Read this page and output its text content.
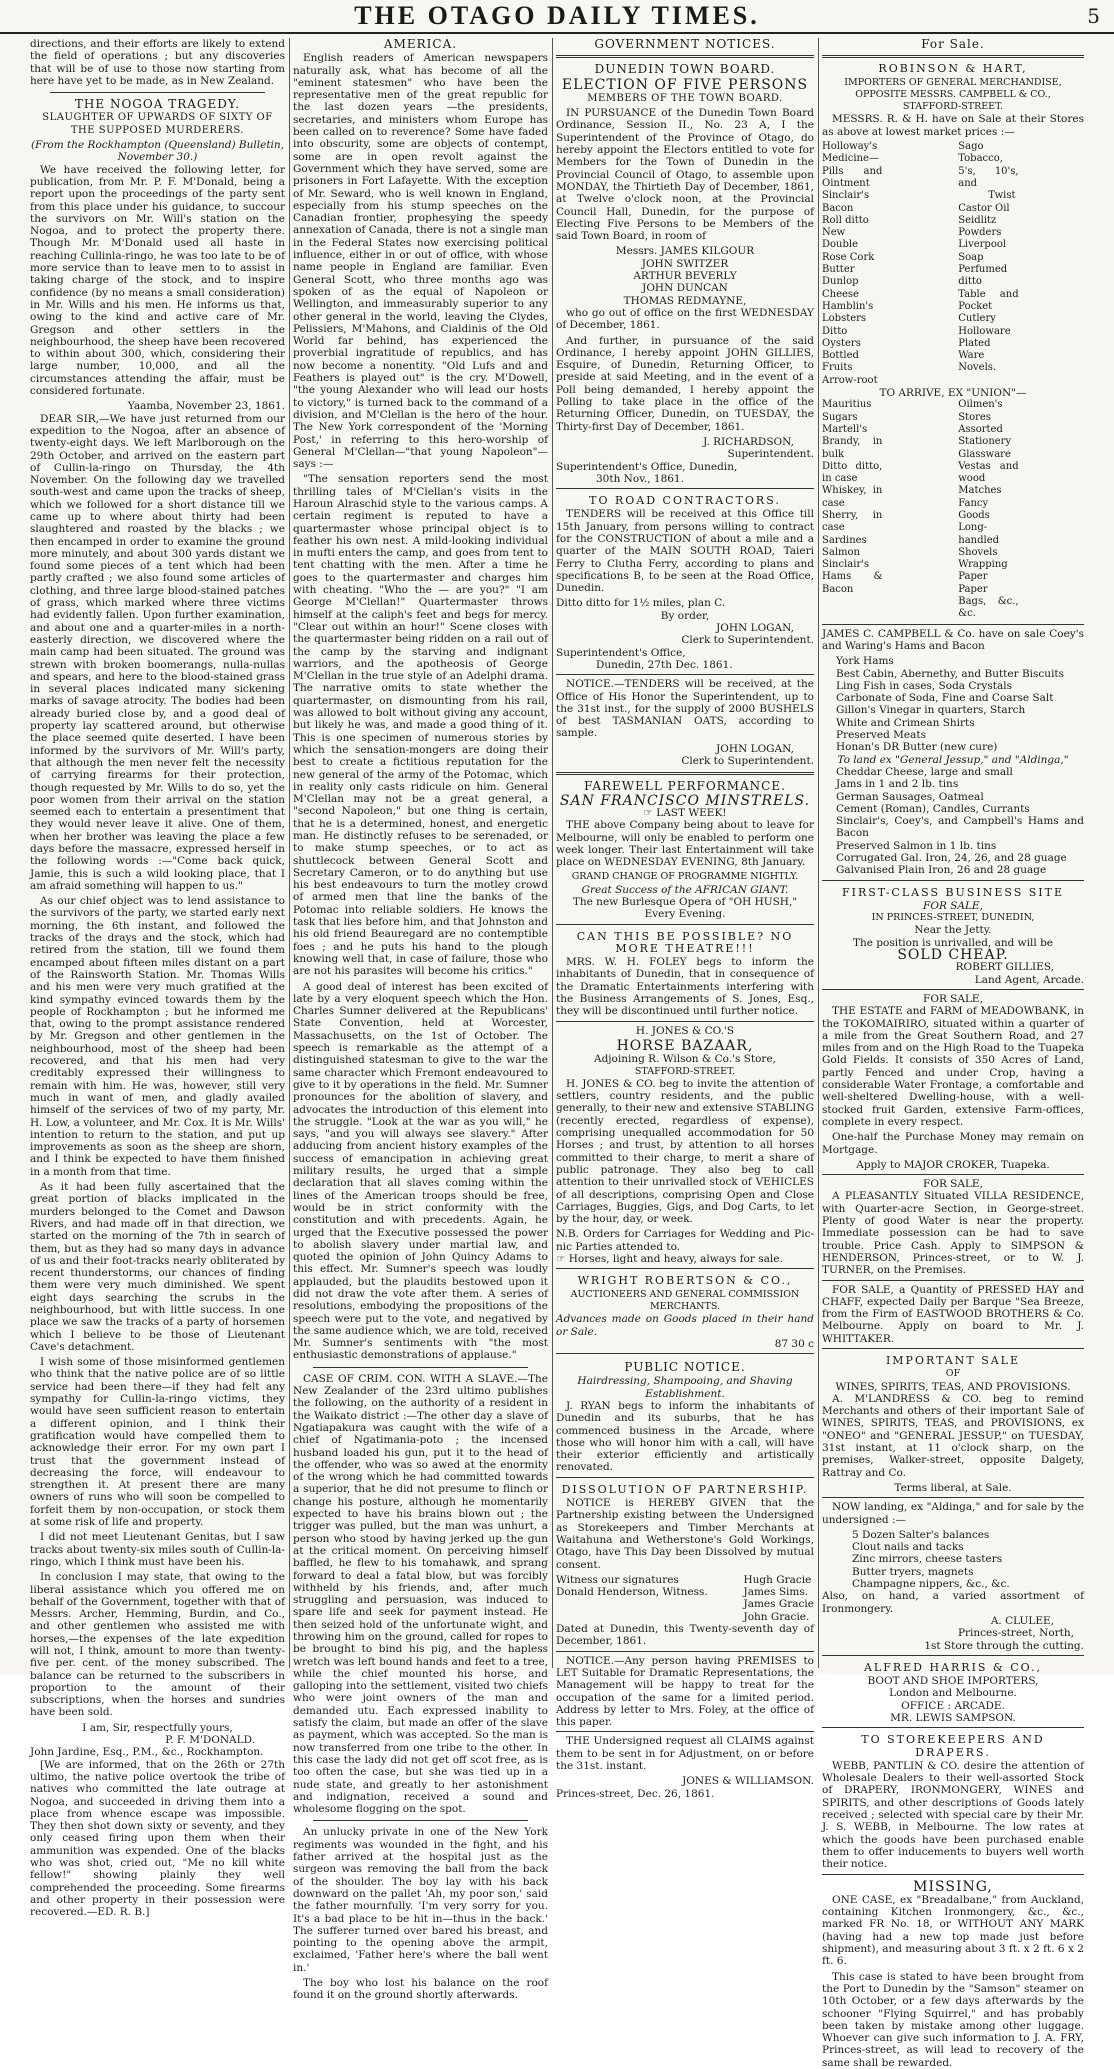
THE OTAGO DAILY TIMES.	5

directions, and their efforts are likely to extend the field of operations ; but any discoveries that will be of use to those now starting from here have yet to be made, as in New Zealand.

THE NOGOA TRAGEDY.
SLAUGHTER OF UPWARDS OF SIXTY OF THE SUPPOSED MURDERERS.
(From the Rockhampton (Queensland) Bulletin, November 30.)

We have received the following letter, for publication, from Mr. P. F. M'Donald, being a report upon the proceedings of the party sent from this place under his guidance, to succour the survivors on Mr. Will's station on the Nogoa, and to protect the property there. Though Mr. M'Donald used all haste in reaching Cullinla-ringo, he was too late to be of more service than to leave men to to assist in taking charge of the stock, and to inspire confidence (by no means a small consideration) in Mr. Wills and his men. He informs us that, owing to the kind and active care of Mr. Gregson and other settlers in the neighbourhood, the sheep have been recovered to within about 300, which, considering their large number, 10,000, and all the circumstances attending the affair, must be considered fortunate.

Yaamba, November 23, 1861.

DEAR SIR,—We have just returned from our expedition to the Nogoa, after an absence of twenty-eight days. We left Marlborough on the 29th October, and arrived on the eastern part of Cullin-la-ringo on Thursday, the 4th November. On the following day we travelled south-west and came upon the tracks of sheep, which we followed for a short distance till we came up to where about thirty had been slaughtered and roasted by the blacks ; we then encamped in order to examine the ground more minutely, and about 300 yards distant we found some pieces of a tent which had been partly crafted ; we also found some articles of clothing, and three large blood-stained patches of grass, which marked where three victims had evidently fallen. Upon further examination, and about one and a quarter-miles in a north-easterly direction, we discovered where the main camp had been situated. The ground was strewn with broken boomerangs, nulla-nullas and spears, and here to the blood-stained grass in several places indicated many sickening marks of savage atrocity. The bodies had been already buried close by, and a good deal of property lay scattered around, but otherwise the place seemed quite deserted. I have been informed by the survivors of Mr. Will's party, that although the men never felt the necessity of carrying firearms for their protection, though requested by Mr. Wills to do so, yet the poor women from their arrival on the station seemed each to entertain a presentiment that they would never leave it alive. One of them, when her brother was leaving the place a few days before the massacre, expressed herself in the following words :—"Come back quick, Jamie, this is such a wild looking place, that I am afraid something will happen to us."

As our chief object was to lend assistance to the survivors of the party, we started early next morning, the 6th instant, and followed the tracks of the drays and the stock, which had retired from the station, till we found them encamped about fifteen miles distant on a part of the Rainsworth Station. Mr. Thomas Wills and his men were very much gratified at the kind sympathy evinced towards them by the people of Rockhampton ; but he informed me that, owing to the prompt assistance rendered by Mr. Gregson and other gentlemen in the neighbourhood, most of the sheep had been recovered, and that his men had very creditably expressed their willingness to remain with him. He was, however, still very much in want of men, and gladly availed himself of the services of two of my party, Mr. H. Low, a volunteer, and Mr. Cox. It is Mr. Wills' intention to return to the station, and put up improvements as soon as the sheep are shorn, and I think be expected to have them finished in a month from that time.

As it had been fully ascertained that the great portion of blacks implicated in the murders belonged to the Comet and Dawson Rivers, and had made off in that direction, we started on the morning of the 7th in search of them, but as they had so many days in advance of us and their foot-tracks nearly obliterated by recent thunderstorms, our chances of finding them were very much diminished. We spent eight days searching the scrubs in the neighbourhood, but with little success. In one place we saw the tracks of a party of horsemen which I believe to be those of Lieutenant Cave's detachment.

I wish some of those misinformed gentlemen who think that the native police are of so little service had been there—if they had felt any sympathy for Cullin-la-ringo victims, they would have seen sufficient reason to entertain a different opinion, and I think their gratification would have compelled them to acknowledge their error. For my own part I trust that the government instead of decreasing the force, will endeavour to strengthen it. At present there are many owners of runs who will soon be compelled to forfeit them by non-occupation, or stock them at some risk of life and property.

I did not meet Lieutenant Genitas, but I saw tracks about twenty-six miles south of Cullin-la-ringo, which I think must have been his.

In conclusion I may state, that owing to the liberal assistance which you offered me on behalf of the Government, together with that of Messrs. Archer, Hemming, Burdin, and Co., and other gentlemen who assisted me with horses,—the expenses of the late expedition will not, I think, amount to more than twenty-five per. cent. of the money subscribed. The balance can be returned to the subscribers in proportion to the amount of their subscriptions, when the horses and sundries have been sold.

I am, Sir, respectfully yours,
P. F. M'DONALD.
John Jardine, Esq., P.M., &c., Rockhampton.

[We are informed, that on the 26th or 27th ultimo, the native police overtook the tribe of natives who committed the late outrage at Nogoa, and succeeded in driving them into a place from whence escape was impossible. They then shot down sixty or seventy, and they only ceased firing upon them when their ammunition was expended. One of the blacks who was shot, cried out, "Me no kill white fellow!" showing plainly they well comprehended the proceeding. Some firearms and other property in their possession were recovered.—ED. R. B.]

AMERICA.

English readers of American newspapers naturally ask, what has become of all the "eminent statesmen" who have been the representative men of the great republic for the last dozen years —the presidents, secretaries, and ministers whom Europe has been called on to reverence? Some have faded into obscurity, some are objects of contempt, some are in open revolt against the Government which they have served, some are prisoners in Fort Lafayette. With the exception of Mr. Seward, who is well known in England, especially from his stump speeches on the Canadian frontier, prophesying the speedy annexation of Canada, there is not a single man in the Federal States now exercising political influence, either in or out of office, with whose name people in England are familiar. Even General Scott, who three months ago was spoken of as the equal of Napoleon or Wellington, and immeasurably superior to any other general in the world, leaving the Clydes, Pelissiers, M'Mahons, and Cialdinis of the Old World far behind, has experienced the proverbial ingratitude of republics, and has now become a nonentity. "Old Lufs and and Feathers is played out" is the cry. M'Dowell, "the young Alexander who will lead our hosts to victory," is turned back to the command of a division, and M'Clellan is the hero of the hour. The New York correspondent of the 'Morning Post,' in referring to this hero-worship of General M'Clellan—"that young Napoleon"—says :—

"The sensation reporters send the most thrilling tales of M'Clellan's visits in the Haroun Alraschid style to the various camps. A certain regiment is reputed to have a quartermaster whose principal object is to feather his own nest. A mild-looking individual in mufti enters the camp, and goes from tent to tent chatting with the men. After a time he goes to the quartermaster and charges him with cheating. "Who the — are you?" "I am George M'Clellan!" Quartermaster throws himself at the caliph's feet and begs for mercy. "Clear out within an hour!" Scene closes with the quartermaster being ridden on a rail out of the camp by the starving and indignant warriors, and the apotheosis of George M'Clellan in the true style of an Adelphi drama. The narrative omits to state whether the quartermaster, on dismounting from his rail, was allowed to bolt without giving any account, but likely he was, and made a good thing of it. This is one specimen of numerous stories by which the sensation-mongers are doing their best to create a fictitious reputation for the new general of the army of the Potomac, which in reality only casts ridicule on him. General M'Clellan may not be a great general, a "second Napoleon," but one thing is certain, that he is a determined, honest, and energetic man. He distinctly refuses to be serenaded, or to make stump speeches, or to act as shuttlecock between General Scott and Secretary Cameron, or to do anything but use his best endeavours to turn the motley crowd of armed men that line the banks of the Potomac into reliable soldiers. He knows the task that lies before him, and that Johnston and his old friend Beauregard are no contemptible foes ; and he puts his hand to the plough knowing well that, in case of failure, those who are not his parasites will become his critics."

A good deal of interest has been excited of late by a very eloquent speech which the Hon. Charles Sumner delivered at the Republicans' State Convention, held at Worcester, Massachusetts, on the 1st of October. The speech is remarkable as the attempt of a distinguished statesman to give to the war the same character which Fremont endeavoured to give to it by operations in the field. Mr. Sumner pronounces for the abolition of slavery, and advocates the introduction of this element into the struggle. "Look at the war as you will," he says, "and you will always see slavery." After adducing from ancient history examples of the success of emancipation in achieving great military results, he urged that a simple declaration that all slaves coming within the lines of the American troops should be free, would be in strict conformity with the constitution and with precedents. Again, he urged that the Executive possessed the power to abolish slavery under martial law, and quoted the opinion of John Quincy Adams to this effect. Mr. Sumner's speech was loudly applauded, but the plaudits bestowed upon it did not draw the vote after them. A series of resolutions, embodying the propositions of the speech were put to the vote, and negatived by the same audience which, we are told, received Mr. Sumner's sentiments with "the most enthusiastic demonstrations of applause."

CASE OF CRIM. CON. WITH A SLAVE.—The New Zealander of the 23rd ultimo publishes the following, on the authority of a resident in the Waikato district :—The other day a slave of Ngatiapakura was caught with the wife of a chief of Ngatimania-poto ; the incensed husband loaded his gun, put it to the head of the offender, who was so awed at the enormity of the wrong which he had committed towards a superior, that he did not presume to flinch or change his posture, although he momentarily expected to have his brains blown out ; the trigger was pulled, but the man was unhurt, a person who stood by having jerked up the gun at the critical moment. On perceiving himself baffled, he flew to his tomahawk, and sprang forward to deal a fatal blow, but was forcibly withheld by his friends, and, after much struggling and persuasion, was induced to spare life and seek for payment instead. He then seized hold of the unfortunate wight, and throwing him on the ground, called for ropes to be brought to bind his pig, and the hapless wretch was left bound hands and feet to a tree, while the chief mounted his horse, and galloping into the settlement, visited two chiefs who were joint owners of the man and demanded utu. Each expressed inability to satisfy the claim, but made an offer of the slave as payment, which was accepted. So the man is now transferred from one tribe to the other. In this case the lady did not get off scot free, as is too often the case, but she was tied up in a nude state, and greatly to her astonishment and indignation, received a sound and wholesome flogging on the spot.

An unlucky private in one of the New York regiments was wounded in the fight, and his father arrived at the hospital just as the surgeon was removing the ball from the back of the shoulder. The boy lay with his back downward on the pallet 'Ah, my poor son,' said the father mournfully. 'I'm very sorry for you. It's a bad place to be hit in—thus in the back.' The sufferer turned over bared his breast, and pointing to the opening above the armpit, exclaimed, 'Father here's where the ball went in.'

The boy who lost his balance on the roof found it on the ground shortly afterwards.

GOVERNMENT NOTICES.
DUNEDIN TOWN BOARD.
ELECTION OF FIVE PERSONS
MEMBERS OF THE TOWN BOARD.

IN PURSUANCE of the Dunedin Town Board Ordinance, Session II., No. 23 A, I the Superintendent of the Province of Otago, do hereby appoint the Electors entitled to vote for Members for the Town of Dunedin in the Provincial Council of Otago, to assemble upon MONDAY, the Thirtieth Day of December, 1861, at Twelve o'clock noon, at the Provincial Council Hall, Dunedin, for the purpose of Electing Five Persons to be Members of the said Town Board, in room of

Messrs. JAMES KILGOUR
JOHN SWITZER
ARTHUR BEVERLY
JOHN DUNCAN
THOMAS REDMAYNE,

who go out of office on the first WEDNESDAY of December, 1861.

And further, in pursuance of the said Ordinance, I hereby appoint JOHN GILLIES, Esquire, of Dunedin, Returning Officer, to preside at said Meeting, and in the event of a Poll being demanded, I hereby appoint the Polling to take place in the office of the Returning Officer, Dunedin, on TUESDAY, the Thirty-first Day of December, 1861.

J. RICHARDSON,
Superintendent.
Superintendent's Office, Dunedin,
30th Nov., 1861.
TO ROAD CONTRACTORS.

TENDERS will be received at this Office till 15th January, from persons willing to contract for the CONSTRUCTION of about a mile and a quarter of the MAIN SOUTH ROAD, Taieri Ferry to Clutha Ferry, according to plans and specifications B, to be seen at the Road Office, Dunedin.

Ditto ditto for 1½ miles, plan C.
By order,
JOHN LOGAN,
Clerk to Superintendent.
Superintendent's Office,
Dunedin, 27th Dec. 1861.

NOTICE.—TENDERS will be received, at the Office of His Honor the Superintendent, up to the 31st inst., for the supply of 2000 BUSHELS of best TASMANIAN OATS, according to sample.

JOHN LOGAN,
Clerk to Superintendent.
FAREWELL PERFORMANCE.
SAN FRANCISCO MINSTRELS.
☞ LAST WEEK!

THE above Company being about to leave for Melbourne, will only be enabled to perform one week longer. Their last Entertainment will take place on WEDNESDAY EVENING, 8th January.

GRAND CHANGE OF PROGRAMME NIGHTLY.
Great Success of the AFRICAN GIANT.
The new Burlesque Opera of "OH HUSH," Every Evening.
CAN THIS BE POSSIBLE? NO MORE THEATRE!!!

MRS. W. H. FOLEY begs to inform the inhabitants of Dunedin, that in consequence of the Dramatic Entertainments interfering with the Business Arrangements of S. Jones, Esq., they will be discontinued until further notice.

H. JONES & CO.'S
HORSE BAZAAR,
Adjoining R. Wilson & Co.'s Store,
STAFFORD-STREET.

H. JONES & CO. beg to invite the attention of settlers, country residents, and the public generally, to their new and extensive STABLING (recently erected, regardless of expense), comprising unequalled accommodation for 50 Horses ; and trust, by attention to all horses committed to their charge, to merit a share of public patronage. They also beg to call attention to their unrivalled stock of VEHICLES of all descriptions, comprising Open and Close Carriages, Buggies, Gigs, and Dog Carts, to let by the hour, day, or week.

N.B. Orders for Carriages for Wedding and Pic-nic Parties attended to.
☞ Horses, light and heavy, always for sale.
WRIGHT ROBERTSON & CO.,
AUCTIONEERS AND GENERAL COMMISSION MERCHANTS.
Advances made on Goods placed in their hand or Sale.
87 30 c
PUBLIC NOTICE.
Hairdressing, Shampooing, and Shaving Establishment.

J. RYAN begs to inform the inhabitants of Dunedin and its suburbs, that he has commenced business in the Arcade, where those who will honor him with a call, will have their exterior efficiently and artistically renovated.

DISSOLUTION OF PARTNERSHIP.

NOTICE is HEREBY GIVEN that the Partnership existing between the Undersigned as Storekeepers and Timber Merchants at Waitahuna and Wetherstone's Gold Workings, Otago, have This Day been Dissolved by mutual consent.

Witness our signatures
Donald Henderson, Witness.
Hugh Gracie
James Sims.
James Gracie
John Gracie.
Dated at Dunedin, this Twenty-seventh day of December, 1861.

NOTICE.—Any person having PREMISES to LET Suitable for Dramatic Representations, the Management will be happy to treat for the occupation of the same for a limited period. Address by letter to Mrs. Foley, at the office of this paper.

THE Undersigned request all CLAIMS against them to be sent in for Adjustment, on or before the 31st. instant.

JONES & WILLIAMSON.
Princes-street, Dec. 26, 1861.
For Sale.
ROBINSON & HART,
IMPORTERS OF GENERAL MERCHANDISE,
OPPOSITE MESSRS. CAMPBELL & CO.,
STAFFORD-STREET.

MESSRS. R. & H. have on Sale at their Stores as above at lowest market prices :—

Holloway's Medicine—
Pills and Ointment
Sinclair's Bacon
Roll ditto
New Double Rose Cork
Butter
Dunlop Cheese
Hamblin's Lobsters
Ditto Oysters
Bottled Fruits
Arrow-root
Sago
Tobacco, 5's, 10's, and
Twist
Castor Oil
Seidlitz Powders
Liverpool Soap
Perfumed ditto
Table and Pocket Cutlery
Holloware
Plated Ware
Novels.
TO ARRIVE, EX "UNION"—
Mauritius Sugars
Martell's Brandy, in bulk
Ditto ditto, in case
Whiskey, in case
Sherry, in case
Sardines
Salmon
Sinclair's Hams & Bacon
Oilmen's Stores
Assorted Stationery
Glassware
Vestas and wood Matches
Fancy Goods
Long-handled Shovels
Wrapping Paper
Paper Bags, &c., &c.

JAMES C. CAMPBELL & Co. have on sale Coey's and Waring's Hams and Bacon

York Hams
Best Cabin, Abernethy, and Butter Biscuits
Ling Fish in cases, Soda Crystals
Carbonate of Soda, Fine and Coarse Salt
Gillon's Vinegar in quarters, Starch
White and Crimean Shirts
Preserved Meats
Honan's DR Butter (new cure)
To land ex "General Jessup," and "Aldinga,"
Cheddar Cheese, large and small
Jams in 1 and 2 lb. tins
German Sausages, Oatmeal
Cement (Roman), Candles, Currants
Sinclair's, Coey's, and Campbell's Hams and Bacon
Preserved Salmon in 1 lb. tins
Corrugated Gal. Iron, 24, 26, and 28 guage
Galvanised Plain Iron, 26 and 28 guage
FIRST-CLASS BUSINESS SITE
FOR SALE,
IN PRINCES-STREET, DUNEDIN,
Near the Jetty.
The position is unrivalled, and will be
SOLD CHEAP.
ROBERT GILLIES,
Land Agent, Arcade.
FOR SALE,

THE ESTATE and FARM of MEADOWBANK, in the TOKOMAIRIRO, situated within a quarter of a mile from the Great Southern Road, and 27 miles from and on the High Road to the Tuapeka Gold Fields. It consists of 350 Acres of Land, partly Fenced and under Crop, having a considerable Water Frontage, a comfortable and well-sheltered Dwelling-house, with a well-stocked fruit Garden, extensive Farm-offices, complete in every respect.

One-half the Purchase Money may remain on Mortgage.

Apply to MAJOR CROKER, Tuapeka.
FOR SALE,

A PLEASANTLY Situated VILLA RESIDENCE, with Quarter-acre Section, in George-street. Plenty of good Water is near the property. Immediate possession can be had to save trouble. Price Cash. Apply to SIMPSON & HENDERSON, Princes-street, or to W. J. TURNER, on the Premises.

FOR SALE, a Quantity of PRESSED HAY and CHAFF, expected Daily per Barque "Sea Breeze, from the Firm of EASTWOOD BROTHERS & Co. Melbourne. Apply on board to Mr. J. WHITTAKER.

IMPORTANT SALE
OF
WINES, SPIRITS, TEAS, AND PROVISIONS.

A. M'LANDRESS & CO. beg to remind Merchants and others of their important Sale of WINES, SPIRITS, TEAS, and PROVISIONS, ex "ONEO" and "GENERAL JESSUP," on TUESDAY, 31st instant, at 11 o'clock sharp, on the premises, Walker-street, opposite Dalgety, Rattray and Co.

Terms liberal, at Sale.

NOW landing, ex "Aldinga," and for sale by the undersigned :—

5 Dozen Salter's balances
Clout nails and tacks
Zinc mirrors, cheese tasters
Butter tryers, magnets
Champagne nippers, &c., &c.
Also, on hand, a varied assortment of Ironmongery.
A. CLULEE,
Princes-street, North,
1st Store through the cutting.
ALFRED HARRIS & CO.,
BOOT AND SHOE IMPORTERS,
London and Melbourne.
OFFICE : ARCADE.
MR. LEWIS SAMPSON.
TO STOREKEEPERS AND DRAPERS.

WEBB, PANTLIN & CO. desire the attention of Wholesale Dealers to their well-assorted Stock of DRAPERY, IRONMONGERY, WINES and SPIRITS, and other descriptions of Goods lately received ; selected with special care by their Mr. J. S. WEBB, in Melbourne. The low rates at which the goods have been purchased enable them to offer inducements to buyers well worth their notice.

MISSING,

ONE CASE, ex "Breadalbane," from Auckland, containing Kitchen Ironmongery, &c., &c., marked FR No. 18, or WITHOUT ANY MARK (having had a new top made just before shipment), and measuring about 3 ft. x 2 ft. 6 x 2 ft. 6.

This case is stated to have been brought from the Port to Dunedin by the "Samson" steamer on 10th October, or a few days afterwards by the schooner "Flying Squirrel," and has probably been taken by mistake among other luggage. Whoever can give such information to J. A. FRY, Princes-street, as will lead to recovery of the same shall be rewarded.
